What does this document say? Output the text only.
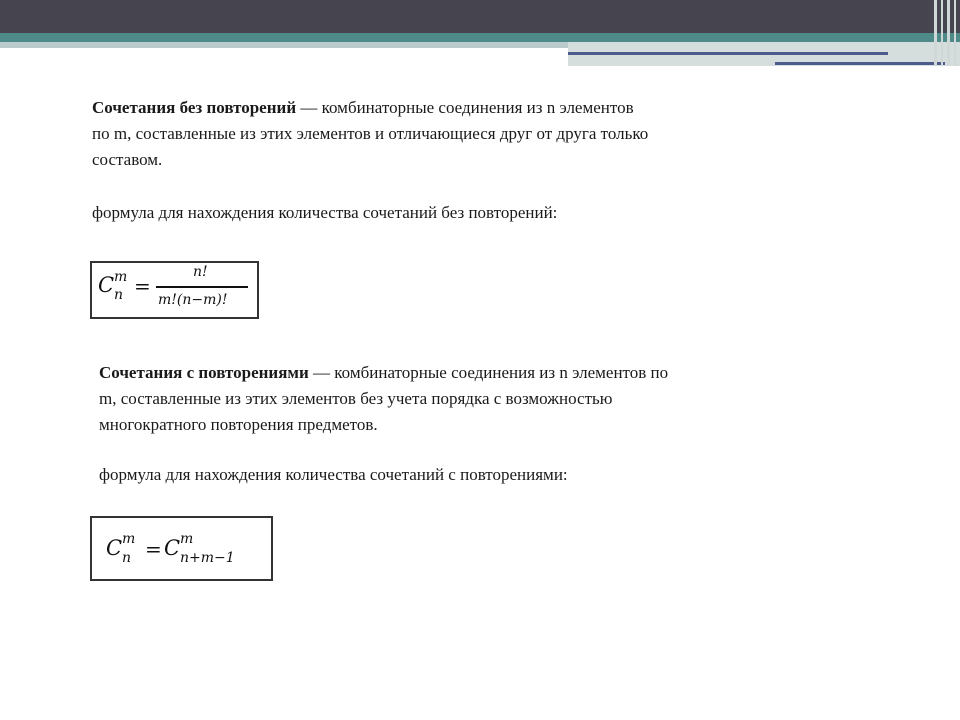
Сочетания без повторений — комбинаторные соединения из n элементов
по m, составленные из этих элементов и отличающиеся друг от друга только
составом.
формула для нахождения количества сочетаний без повторений:
C m
n =
n!
m!(n−m)!
Сочетания с повторениями — комбинаторные соединения из n элементов по
m, составленные из этих элементов без учета порядка с возможностью
многократного повторения предметов.
формула для нахождения количества сочетаний с повторениями:
C m
n = C m
n+m−1
